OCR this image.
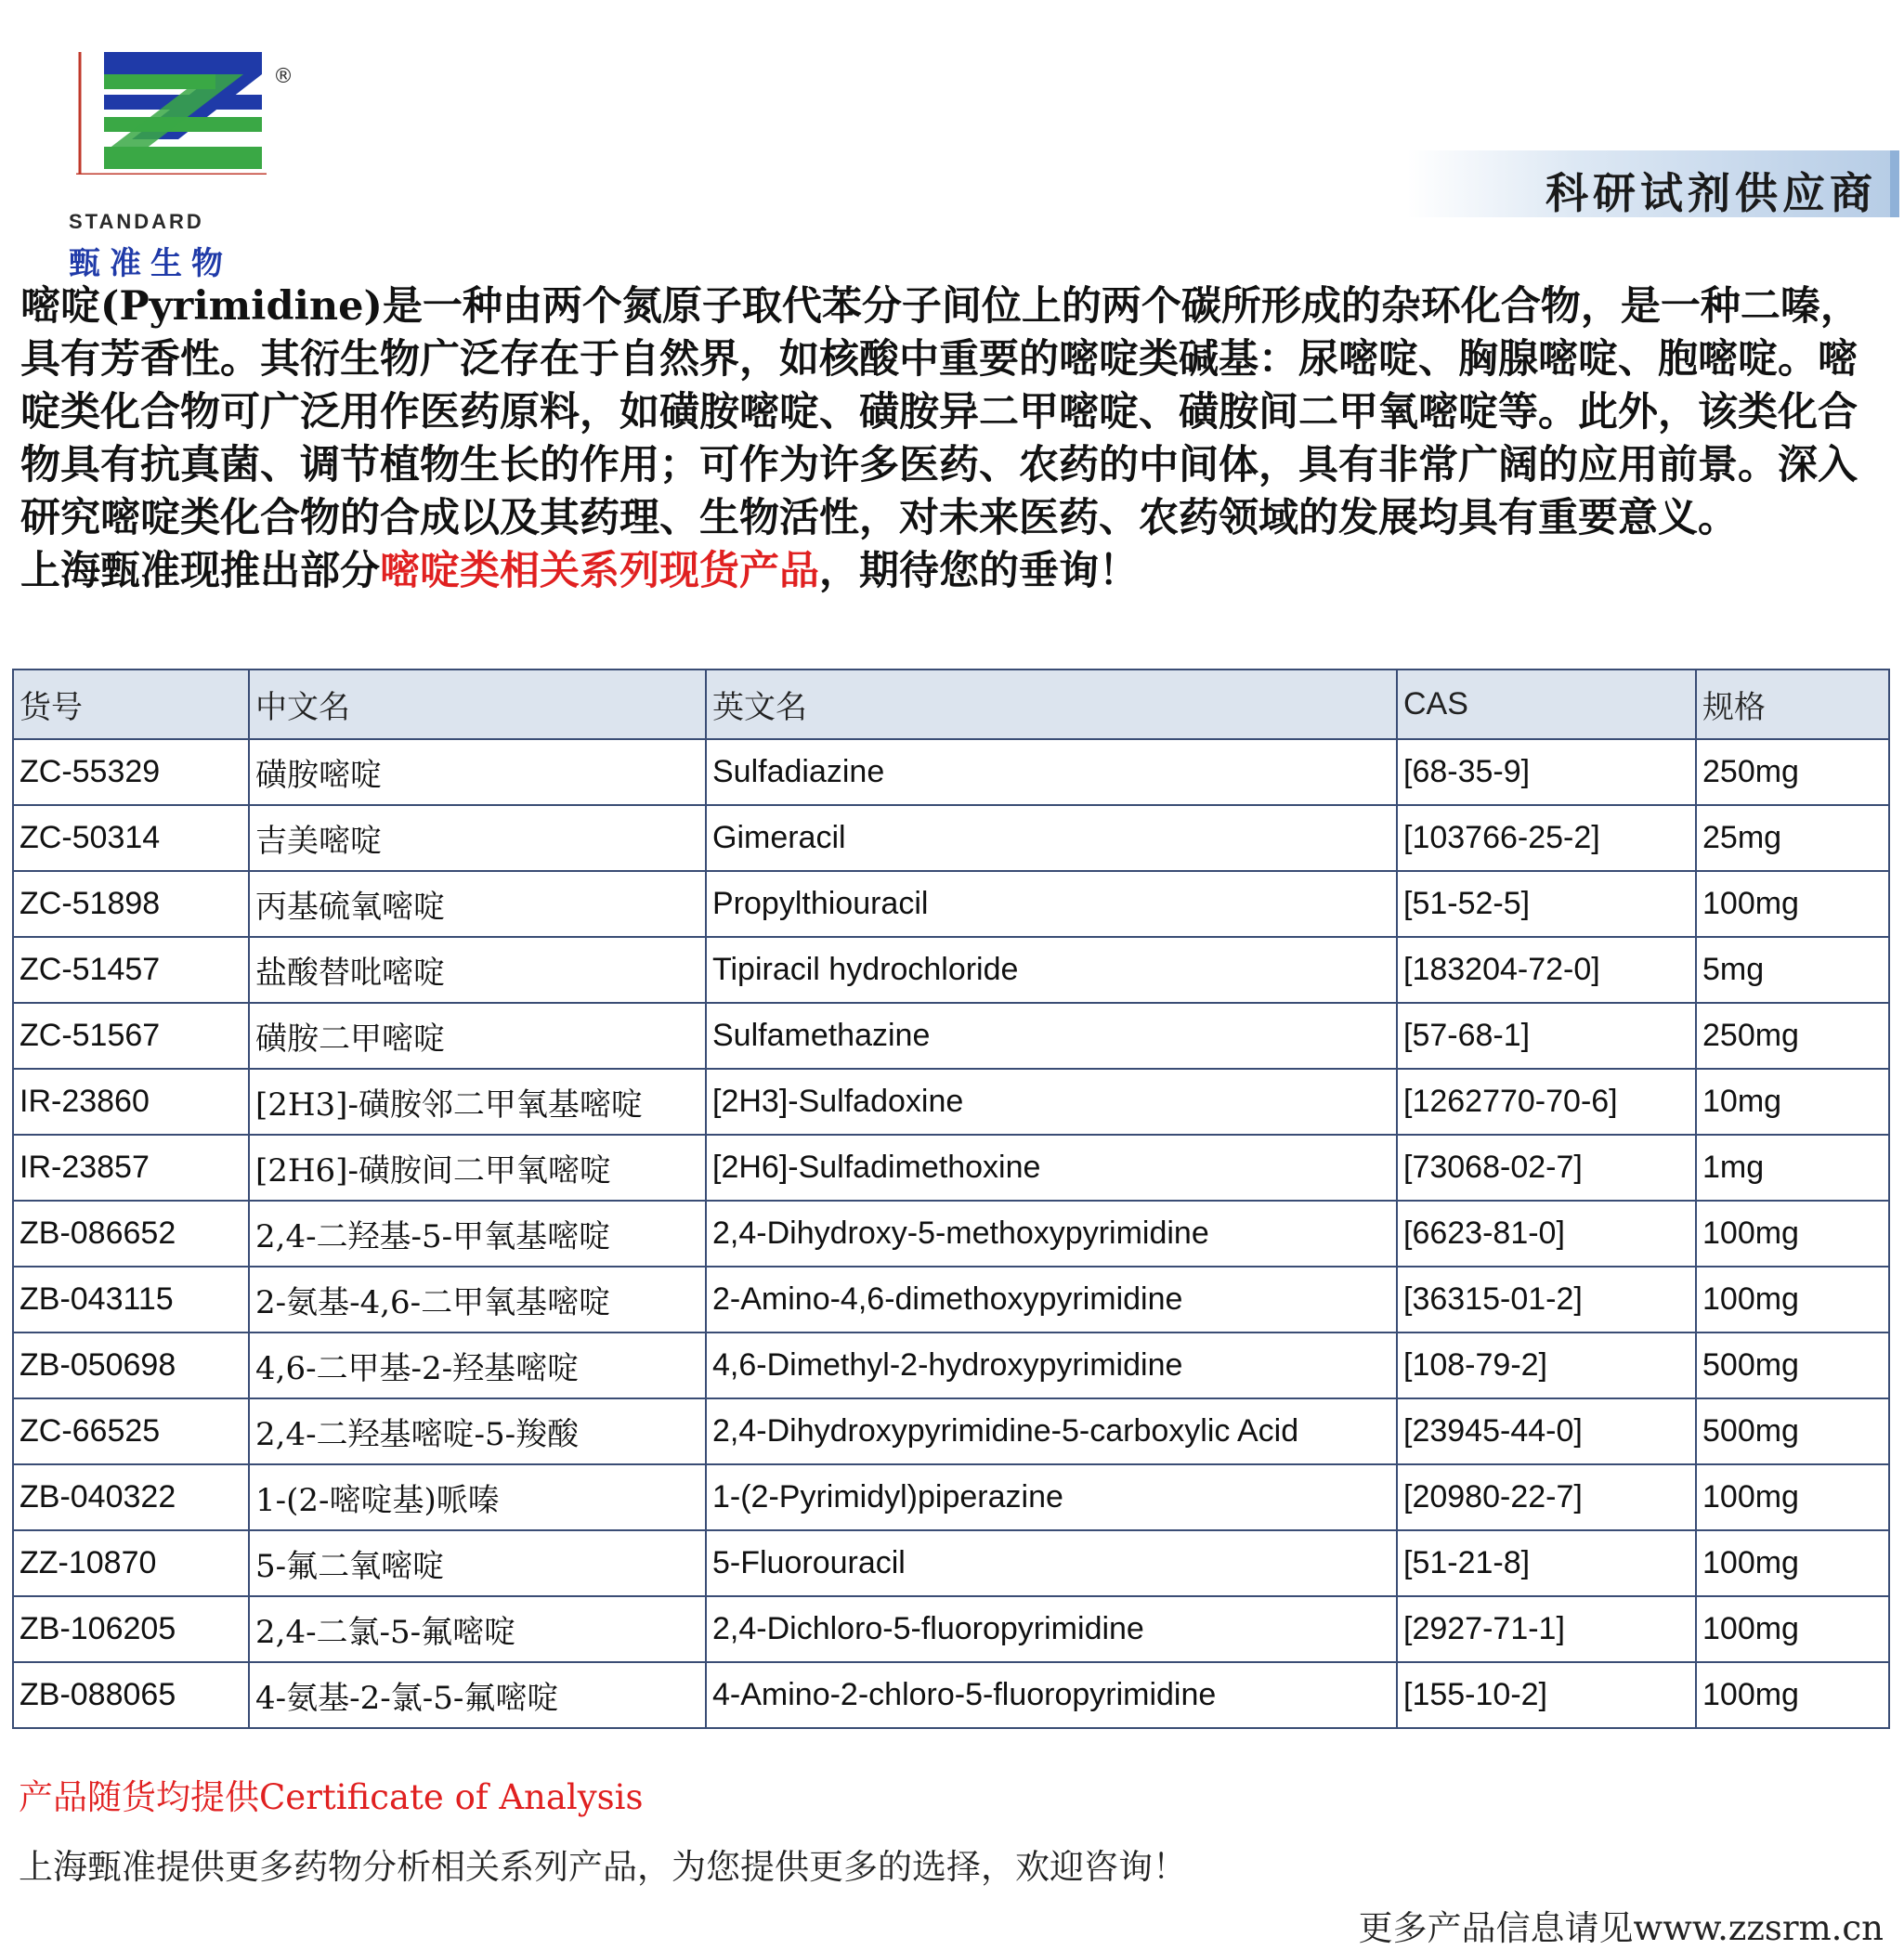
®
STANDARD
甄准生物
科研试剂供应商

嘧啶(Pyrimidine)是一种由两个氮原子取代苯分子间位上的两个碳所形成的杂环化合物，是一种二嗪，具有芳香性。其衍生物广泛存在于自然界，如核酸中重要的嘧啶类碱基：尿嘧啶、胸腺嘧啶、胞嘧啶。嘧啶类化合物可广泛用作医药原料，如磺胺嘧啶、磺胺异二甲嘧啶、磺胺间二甲氧嘧啶等。此外，该类化合物具有抗真菌、调节植物生长的作用；可作为许多医药、农药的中间体，具有非常广阔的应用前景。深入研究嘧啶类化合物的合成以及其药理、生物活性，对未来医药、农药领域的发展均具有重要意义。

上海甄准现推出部分嘧啶类相关系列现货产品，期待您的垂询！

货号	中文名	英文名	CAS	规格
ZC-55329	磺胺嘧啶	Sulfadiazine	[68-35-9]	250mg
ZC-50314	吉美嘧啶	Gimeracil	[103766-25-2]	25mg
ZC-51898	丙基硫氧嘧啶	Propylthiouracil	[51-52-5]	100mg
ZC-51457	盐酸替吡嘧啶	Tipiracil hydrochloride	[183204-72-0]	5mg
ZC-51567	磺胺二甲嘧啶	Sulfamethazine	[57-68-1]	250mg
IR-23860	[2H3]-磺胺邻二甲氧基嘧啶	[2H3]-Sulfadoxine	[1262770-70-6]	10mg
IR-23857	[2H6]-磺胺间二甲氧嘧啶	[2H6]-Sulfadimethoxine	[73068-02-7]	1mg
ZB-086652	2,4-二羟基-5-甲氧基嘧啶	2,4-Dihydroxy-5-methoxypyrimidine	[6623-81-0]	100mg
ZB-043115	2-氨基-4,6-二甲氧基嘧啶	2-Amino-4,6-dimethoxypyrimidine	[36315-01-2]	100mg
ZB-050698	4,6-二甲基-2-羟基嘧啶	4,6-Dimethyl-2-hydroxypyrimidine	[108-79-2]	500mg
ZC-66525	2,4-二羟基嘧啶-5-羧酸	2,4-Dihydroxypyrimidine-5-carboxylic Acid	[23945-44-0]	500mg
ZB-040322	1-(2-嘧啶基)哌嗪	1-(2-Pyrimidyl)piperazine	[20980-22-7]	100mg
ZZ-10870	5-氟二氧嘧啶	5-Fluorouracil	[51-21-8]	100mg
ZB-106205	2,4-二氯-5-氟嘧啶	2,4-Dichloro-5-fluoropyrimidine	[2927-71-1]	100mg
ZB-088065	4-氨基-2-氯-5-氟嘧啶	4-Amino-2-chloro-5-fluoropyrimidine	[155-10-2]	100mg
产品随货均提供Certificate of Analysis
上海甄准提供更多药物分析相关系列产品，为您提供更多的选择，欢迎咨询！
更多产品信息请见www.zzsrm.cn
